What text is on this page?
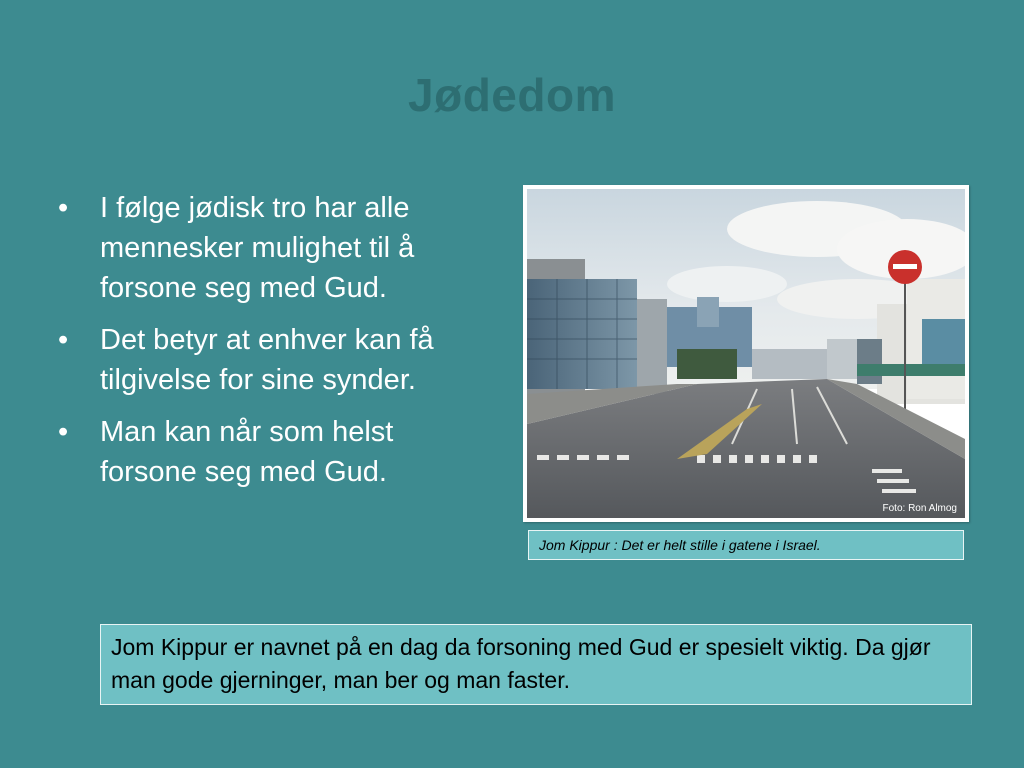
Jødedom
•	I følge jødisk tro har alle mennesker mulighet til å forsone seg med Gud.
•	Det betyr at enhver kan få tilgivelse for sine synder.
•	Man kan når som helst forsone seg med Gud.
Foto: Ron Almog
Jom Kippur : Det er helt stille i gatene i Israel.
Jom Kippur er navnet på en dag da forsoning med Gud er spesielt viktig. Da gjør man gode gjerninger, man ber og man faster.
